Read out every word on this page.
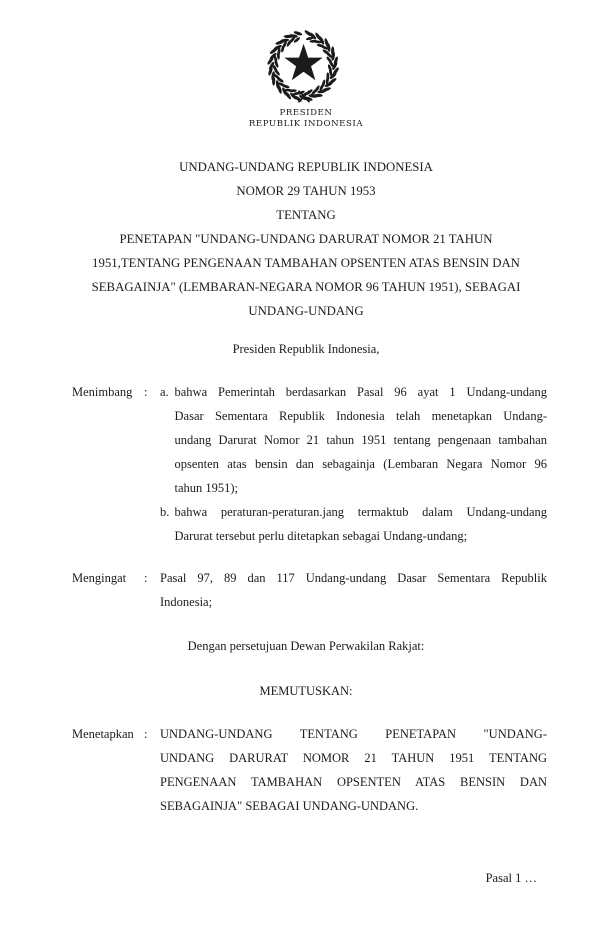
PRESIDEN
REPUBLIK INDONESIA
UNDANG-UNDANG REPUBLIK INDONESIA
NOMOR 29 TAHUN 1953
TENTANG
PENETAPAN "UNDANG-UNDANG DARURAT NOMOR 21 TAHUN
1951,TENTANG PENGENAAN TAMBAHAN OPSENTEN ATAS BENSIN DAN
SEBAGAINJA" (LEMBARAN-NEGARA NOMOR 96 TAHUN 1951), SEBAGAI
UNDANG-UNDANG
Presiden Republik Indonesia,
Menimbang :	a. bahwa Pemerintah berdasarkan Pasal 96 ayat 1 Undang-undang
Dasar Sementara Republik Indonesia telah menetapkan Undang-
undang Darurat Nomor 21 tahun 1951 tentang pengenaan tambahan
opsenten atas bensin dan sebagainja (Lembaran Negara Nomor 96
tahun 1951);
b. bahwa peraturan-peraturan.jang termaktub dalam Undang-undang
Darurat tersebut perlu ditetapkan sebagai Undang-undang;
Mengingat	:	Pasal 97, 89 dan 117 Undang-undang Dasar Sementara Republik
Indonesia;
Dengan persetujuan Dewan Perwakilan Rakjat:
MEMUTUSKAN:
Menetapkan :	UNDANG-UNDANG TENTANG PENETAPAN "UNDANG-
UNDANG DARURAT NOMOR 21 TAHUN 1951 TENTANG
PENGENAAN TAMBAHAN OPSENTEN ATAS BENSIN DAN
SEBAGAINJA" SEBAGAI UNDANG-UNDANG.
Pasal 1 …
